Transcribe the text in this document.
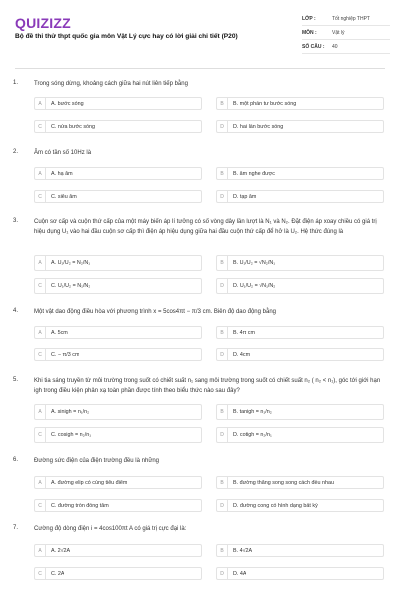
QUIZIZZ
Bộ đề thi thử thpt quốc gia môn Vật Lý cực hay có lời giải chi tiết (P20)
LỚP :	Tốt nghiệp THPT
MÔN :	Vật lý
SỐ CÂU :	40
1.	Trong sóng dừng, khoảng cách giữa hai nút liên tiếp bằng
A	A. bước sóng	B	B. một phần tư bước sóng
C	C. nửa bước sóng	D	D. hai lần bước sóng
2.	Âm có tần số 10Hz là
A	A. hạ âm	B	B. âm nghe được
C	C. siêu âm	D	D. tạp âm
3.	Cuộn sơ cấp và cuộn thứ cấp của một máy biến áp lí tưởng có số vòng dây lần lượt là N₁ và N₂. Đặt điện áp xoay chiều có giá trị hiệu dụng U₁ vào hai đầu cuộn sơ cấp thì điện áp hiệu dụng giữa hai đầu cuộn thứ cấp để hở là U₂. Hệ thức đúng là
A	A. U₁/U₂ = N₂/N₁	B	B. U₁/U₂ = √N₂/N₁
C	C. U₁/U₂ = N₁/N₂	D	D. U₁/U₂ = √N₁/N₂
4.	Một vật dao động điều hòa với phương trình x = 5cos4πt − π/3 cm. Biên độ dao động bằng
A	A. 5cm	B	B. 4π cm
C	C. − π/3 cm	D	D. 4cm
5.	Khi tia sáng truyền từ môi trường trong suốt có chiết suất n₁ sang môi trường trong suốt có chiết suất n₂ ( n₂ < n₁), góc tới giới hạn igh trong điều kiện phản xạ toàn phần được tính theo biểu thức nào sau đây?
A	A. sinigh = n₁/n₂	B	B. tanigh = n₁/n₂
C	C. cosigh = n₂/n₁	D	D. cotigh = n₂/n₁
6.	Đường sức điện của điện trường đều là những
A	A. đường elip có cùng tiêu điểm	B	B. đường thẳng song song cách đều nhau
C	C. đường tròn đồng tâm	D	D. đường cong có hình dạng bất kỳ
7.	Cường độ dòng điện i = 4cos100πt A có giá trị cực đại là:
A	A. 2√2A	B	B. 4√2A
C	C. 2A	D	D. 4A
